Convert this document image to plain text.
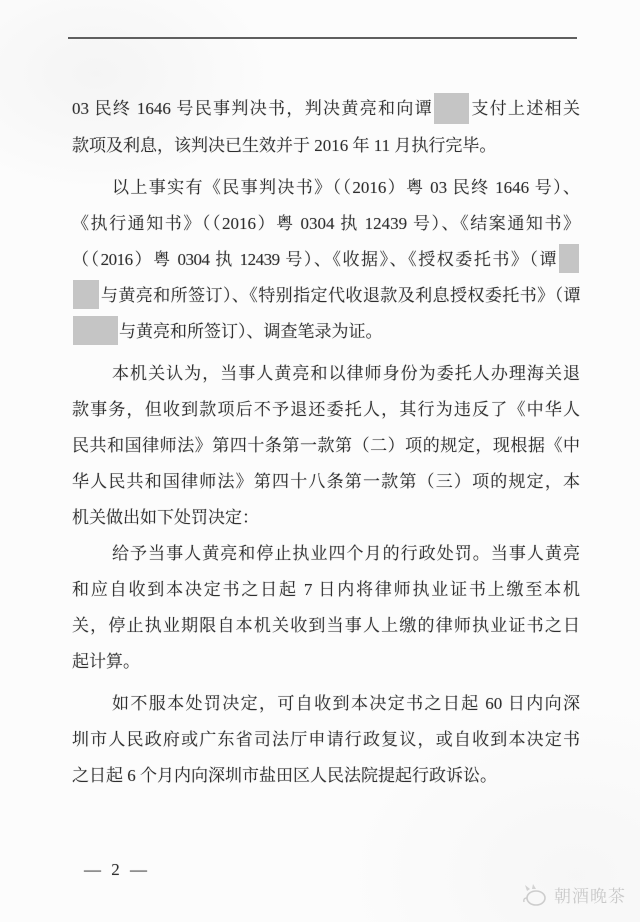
03 民终 1646 号民事判决书，判决黄亮和向谭 支付上述相关
款项及利息，该判决已生效并于 2016 年 11 月执行完毕。
以上事实有《民事判决书》（（2016）粤 03 民终 1646 号）、
《执行通知书》（（2016）粤 0304 执 12439 号）、《结案通知书》
（（2016）粤 0304 执 12439 号）、《收据》、《授权委托书》（谭
与黄亮和所签订）、《特别指定代收退款及利息授权委托书》（谭
与黄亮和所签订）、调查笔录为证。
本机关认为，当事人黄亮和以律师身份为委托人办理海关退
款事务，但收到款项后不予退还委托人，其行为违反了《中华人
民共和国律师法》第四十条第一款第（二）项的规定，现根据《中
华人民共和国律师法》第四十八条第一款第（三）项的规定，本
机关做出如下处罚决定：
给予当事人黄亮和停止执业四个月的行政处罚。当事人黄亮
和应自收到本决定书之日起 7 日内将律师执业证书上缴至本机
关，停止执业期限自本机关收到当事人上缴的律师执业证书之日
起计算。
如不服本处罚决定，可自收到本决定书之日起 60 日内向深
圳市人民政府或广东省司法厅申请行政复议，或自收到本决定书
之日起 6 个月内向深圳市盐田区人民法院提起行政诉讼。
— 2 —
朝酒晚茶
